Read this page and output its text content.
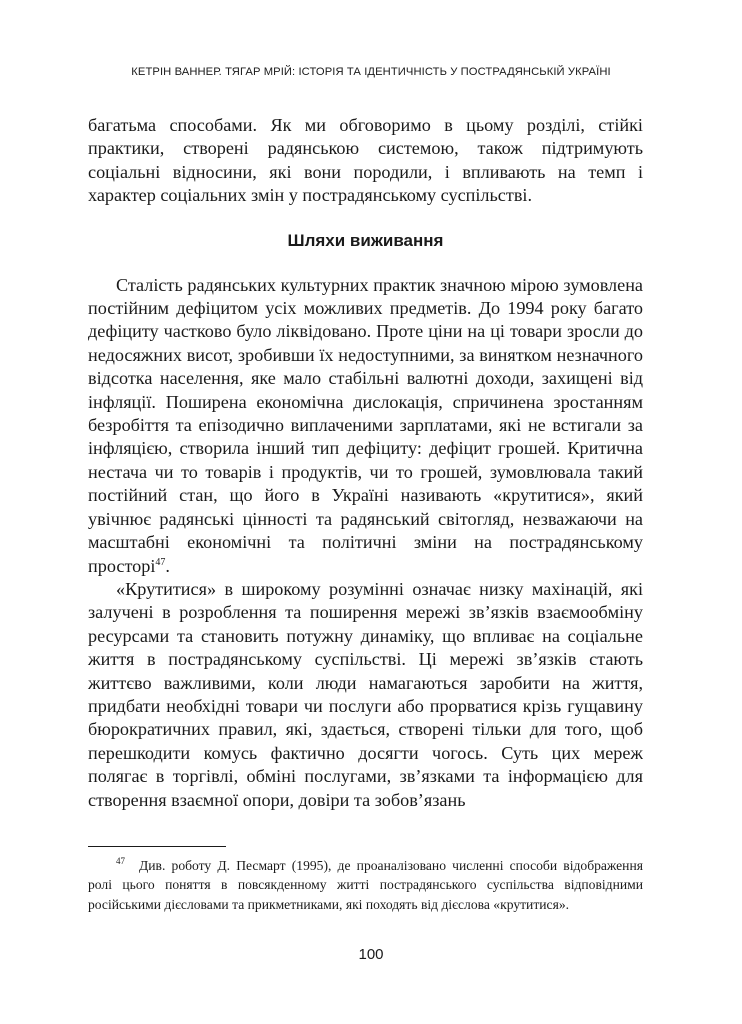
КЕТРІН ВАННЕР. ТЯГАР МРІЙ: ІСТОРІЯ ТА ІДЕНТИЧНІСТЬ У ПОСТРАДЯНСЬКІЙ УКРАЇНІ

багатьма способами. Як ми обговоримо в цьому розділі, стійкі практики, створені радянською системою, також підтримують соціальні відносини, які вони породили, і впливають на темп і характер соціальних змін у пострадянському суспільстві.

Шляхи виживання

Сталість радянських культурних практик значною мірою зумовлена постійним дефіцитом усіх можливих предметів. До 1994 року багато дефіциту частково було ліквідовано. Проте ціни на ці товари зросли до недосяжних висот, зробивши їх недоступними, за винятком незначного відсотка населення, яке мало стабільні валютні доходи, захищені від інфляції. Поширена економічна дислокація, спричинена зростанням безробіття та епізодично виплаченими зарплатами, які не встигали за інфляцією, створила інший тип дефіциту: дефіцит грошей. Критична нестача чи то товарів і продуктів, чи то грошей, зумовлювала такий постійний стан, що його в Україні називають «крутитися», який увічнює радянські цінності та радянський світогляд, незважаючи на масштабні економічні та політичні зміни на пострадянському просторі$^{47}$.

«Крутитися» в широкому розумінні означає низку махінацій, які залучені в розроблення та поширення мережі зв’язків взаємообміну ресурсами та становить потужну динаміку, що впливає на соціальне життя в пострадянському суспільстві. Ці мережі зв’язків стають життєво важливими, коли люди намагаються заробити на життя, придбати необхідні товари чи послуги або прорватися крізь гущавину бюрократичних правил, які, здається, створені тільки для того, щоб перешкодити комусь фактично досягти чогось. Суть цих мереж полягає в торгівлі, обміні послугами, зв’язками та інформацією для створення взаємної опори, довіри та зобов’язань

$^{47}$ Див. роботу Д. Песмарт (1995), де проаналізовано численні способи відображення ролі цього поняття в повсякденному житті пострадянського суспільства відповідними російськими дієсловами та прикметниками, які походять від дієслова «крутитися».
100
